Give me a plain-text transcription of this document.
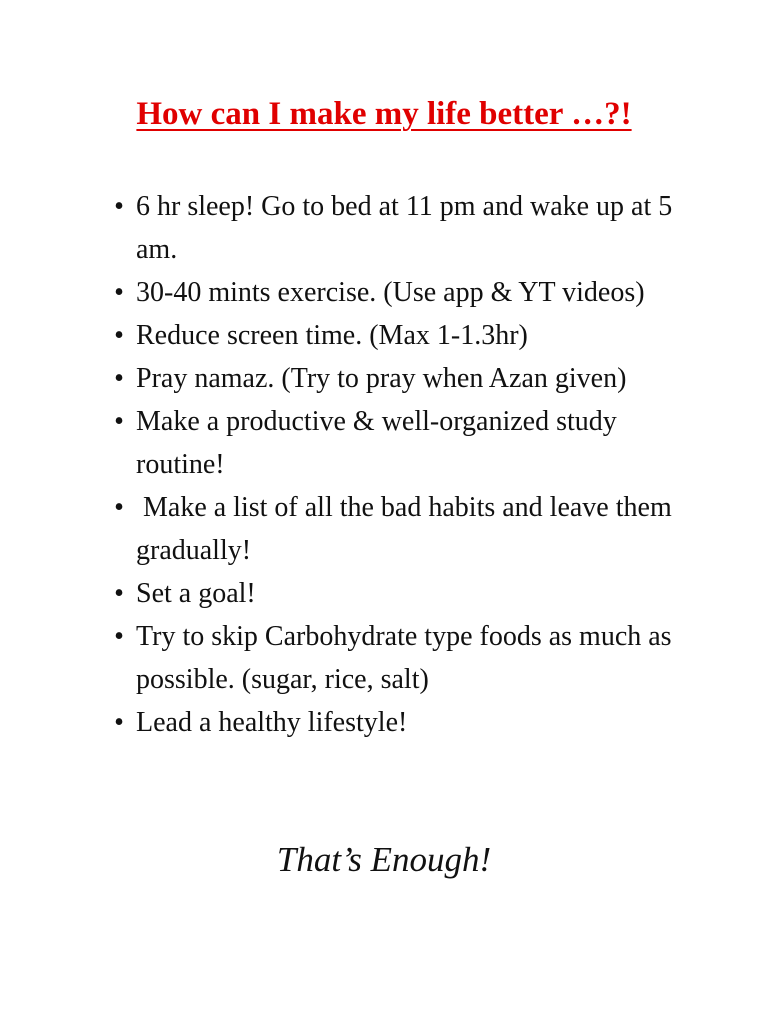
How can I make my life better …?!
• 6 hr sleep! Go to bed at 11 pm and wake up at 5 am.
• 30-40 mints exercise. (Use app & YT videos)
• Reduce screen time. (Max 1-1.3hr)
• Pray namaz. (Try to pray when Azan given)
• Make a productive & well-organized study routine!
• Make a list of all the bad habits and leave them gradually!
• Set a goal!
• Try to skip Carbohydrate type foods as much as possible. (sugar, rice, salt)
• Lead a healthy lifestyle!

That’s Enough!
